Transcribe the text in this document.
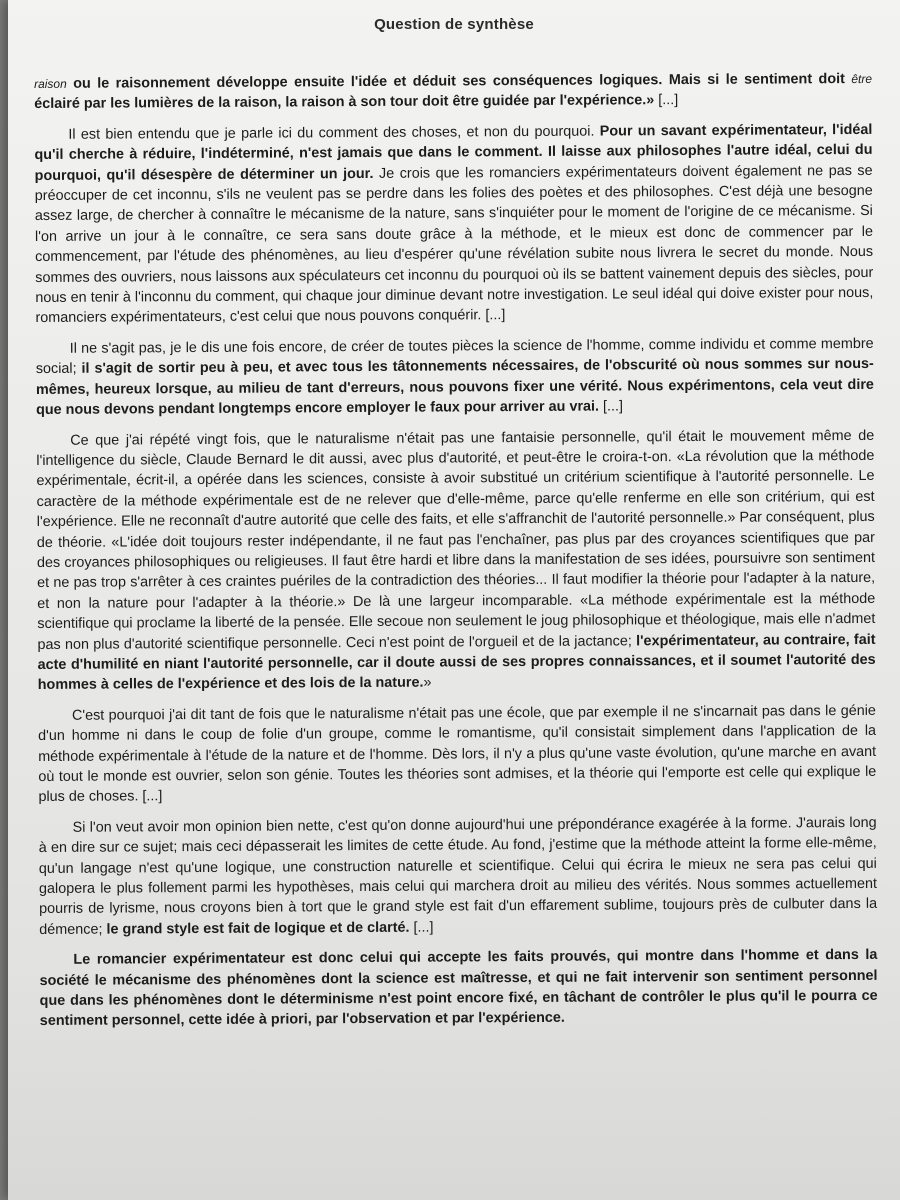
Question de synthèse

raison ou le raisonnement développe ensuite l'idée et déduit ses conséquences logiques. Mais si le sentiment doit être éclairé par les lumières de la raison, la raison à son tour doit être guidée par l'expérience.» [...]

Il est bien entendu que je parle ici du comment des choses, et non du pourquoi. Pour un savant expérimentateur, l'idéal qu'il cherche à réduire, l'indéterminé, n'est jamais que dans le comment. Il laisse aux philosophes l'autre idéal, celui du pourquoi, qu'il désespère de déterminer un jour. Je crois que les romanciers expérimentateurs doivent également ne pas se préoccuper de cet inconnu, s'ils ne veulent pas se perdre dans les folies des poètes et des philosophes. C'est déjà une besogne assez large, de chercher à connaître le mécanisme de la nature, sans s'inquiéter pour le moment de l'origine de ce mécanisme. Si l'on arrive un jour à le connaître, ce sera sans doute grâce à la méthode, et le mieux est donc de commencer par le commencement, par l'étude des phénomènes, au lieu d'espérer qu'une révélation subite nous livrera le secret du monde. Nous sommes des ouvriers, nous laissons aux spéculateurs cet inconnu du pourquoi où ils se battent vainement depuis des siècles, pour nous en tenir à l'inconnu du comment, qui chaque jour diminue devant notre investigation. Le seul idéal qui doive exister pour nous, romanciers expérimentateurs, c'est celui que nous pouvons conquérir. [...]

Il ne s'agit pas, je le dis une fois encore, de créer de toutes pièces la science de l'homme, comme individu et comme membre social; il s'agit de sortir peu à peu, et avec tous les tâtonnements nécessaires, de l'obscurité où nous sommes sur nous-mêmes, heureux lorsque, au milieu de tant d'erreurs, nous pouvons fixer une vérité. Nous expérimentons, cela veut dire que nous devons pendant longtemps encore employer le faux pour arriver au vrai. [...]

Ce que j'ai répété vingt fois, que le naturalisme n'était pas une fantaisie personnelle, qu'il était le mouvement même de l'intelligence du siècle, Claude Bernard le dit aussi, avec plus d'autorité, et peut-être le croira-t-on. «La révolution que la méthode expérimentale, écrit-il, a opérée dans les sciences, consiste à avoir substitué un critérium scientifique à l'autorité personnelle. Le caractère de la méthode expérimentale est de ne relever que d'elle-même, parce qu'elle renferme en elle son critérium, qui est l'expérience. Elle ne reconnaît d'autre autorité que celle des faits, et elle s'affranchit de l'autorité personnelle.» Par conséquent, plus de théorie. «L'idée doit toujours rester indépendante, il ne faut pas l'enchaîner, pas plus par des croyances scientifiques que par des croyances philosophiques ou religieuses. Il faut être hardi et libre dans la manifestation de ses idées, poursuivre son sentiment et ne pas trop s'arrêter à ces craintes puériles de la contradiction des théories... Il faut modifier la théorie pour l'adapter à la nature, et non la nature pour l'adapter à la théorie.» De là une largeur incomparable. «La méthode expérimentale est la méthode scientifique qui proclame la liberté de la pensée. Elle secoue non seulement le joug philosophique et théologique, mais elle n'admet pas non plus d'autorité scientifique personnelle. Ceci n'est point de l'orgueil et de la jactance; l'expérimentateur, au contraire, fait acte d'humilité en niant l'autorité personnelle, car il doute aussi de ses propres connaissances, et il soumet l'autorité des hommes à celles de l'expérience et des lois de la nature.»

C'est pourquoi j'ai dit tant de fois que le naturalisme n'était pas une école, que par exemple il ne s'incarnait pas dans le génie d'un homme ni dans le coup de folie d'un groupe, comme le romantisme, qu'il consistait simplement dans l'application de la méthode expérimentale à l'étude de la nature et de l'homme. Dès lors, il n'y a plus qu'une vaste évolution, qu'une marche en avant où tout le monde est ouvrier, selon son génie. Toutes les théories sont admises, et la théorie qui l'emporte est celle qui explique le plus de choses. [...]

Si l'on veut avoir mon opinion bien nette, c'est qu'on donne aujourd'hui une prépondérance exagérée à la forme. J'aurais long à en dire sur ce sujet; mais ceci dépasserait les limites de cette étude. Au fond, j'estime que la méthode atteint la forme elle-même, qu'un langage n'est qu'une logique, une construction naturelle et scientifique. Celui qui écrira le mieux ne sera pas celui qui galopera le plus follement parmi les hypothèses, mais celui qui marchera droit au milieu des vérités. Nous sommes actuellement pourris de lyrisme, nous croyons bien à tort que le grand style est fait d'un effarement sublime, toujours près de culbuter dans la démence; le grand style est fait de logique et de clarté. [...]

Le romancier expérimentateur est donc celui qui accepte les faits prouvés, qui montre dans l'homme et dans la société le mécanisme des phénomènes dont la science est maîtresse, et qui ne fait intervenir son sentiment personnel que dans les phénomènes dont le déterminisme n'est point encore fixé, en tâchant de contrôler le plus qu'il le pourra ce sentiment personnel, cette idée à priori, par l'observation et par l'expérience.
